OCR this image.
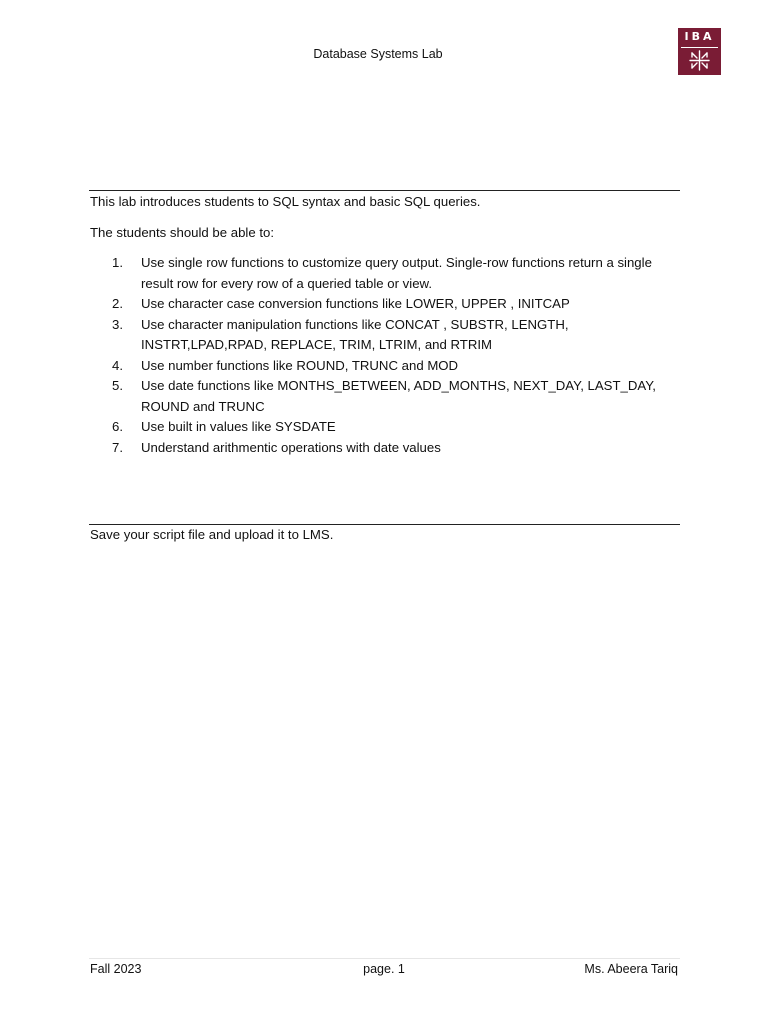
Database Systems Lab
IBA
This lab introduces students to SQL syntax and basic SQL queries.
The students should be able to:
1. Use single row functions to customize query output. Single-row functions return a single result row for every row of a queried table or view.
2. Use character case conversion functions like LOWER, UPPER , INITCAP
3. Use character manipulation functions like CONCAT , SUBSTR, LENGTH, INSTRT,LPAD,RPAD, REPLACE, TRIM, LTRIM, and RTRIM
4. Use number functions like ROUND, TRUNC and MOD
5. Use date functions like MONTHS_BETWEEN, ADD_MONTHS, NEXT_DAY, LAST_DAY, ROUND and TRUNC
6. Use built in values like SYSDATE
7. Understand arithmentic operations with date values
Save your script file and upload it to LMS.
Fall 2023	page. 1	Ms. Abeera Tariq
